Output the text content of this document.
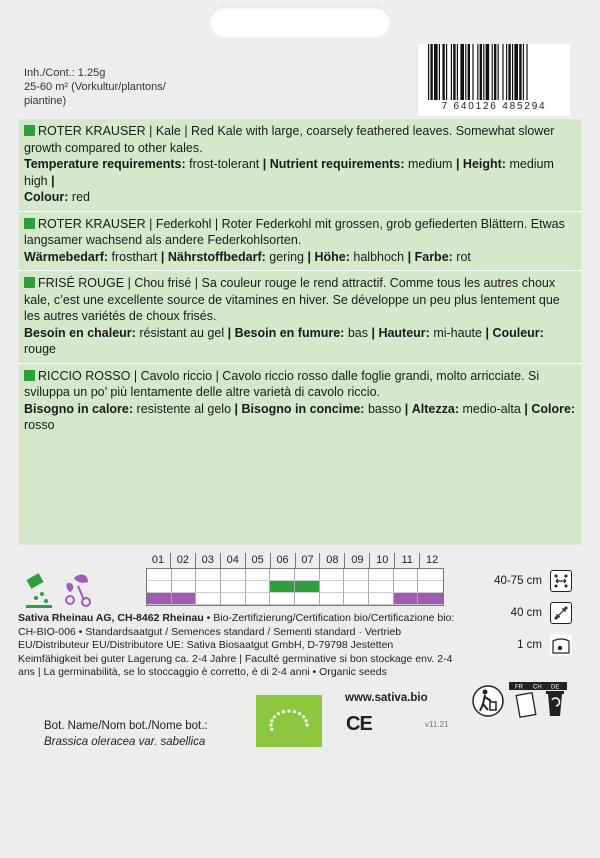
Inh./Cont.: 1.25g
25-60 m² (Vorkultur/plantons/
piantine)	7 640126 485294
ROTER KRAUSER | Kale | Red Kale with large, coarsely feathered leaves. Somewhat slower growth compared to other kales.
Temperature requirements: frost-tolerant | Nutrient requirements: medium | Height: medium high |
Colour: red
ROTER KRAUSER | Federkohl | Roter Federkohl mit grossen, grob gefiederten Blättern. Etwas langsamer wachsend als andere Federkohlsorten.
Wärmebedarf: frosthart | Nährstoffbedarf: gering | Höhe: halbhoch | Farbe: rot
FRISÉ ROUGE | Chou frisé | Sa couleur rouge le rend attractif. Comme tous les autres choux kale, c’est une excellente source de vitamines en hiver. Se développe un peu plus lentement que les autres variétés de choux frisés.
Besoin en chaleur: résistant au gel | Besoin en fumure: bas | Hauteur: mi-haute | Couleur: rouge
RICCIO ROSSO | Cavolo riccio | Cavolo riccio rosso dalle foglie grandi, molto arricciate. Si sviluppa un po’ più lentamente delle altre varietà di cavolo riccio.
Bisogno in calore: resistente al gelo | Bisogno in concime: basso | Altezza: medio-alta | Colore: rosso
01	02	03	04	05	06	07	08	09	10	11	12
40-75 cm
40 cm
1 cm
Sativa Rheinau AG, CH-8462 Rheinau • Bio-Zertifizierung/Certification bio/Certificazione bio: CH-BIO-006 • Standardsaatgut / Semences standard / Sementi standard · Vertrieb EU/Distributeur EU/Distributore UE: Sativa Biosaatgut GmbH, D-79798 Jestetten Keimfähigkeit bei guter Lagerung ca. 2-4 Jahre | Faculté germinative si bon stockage env. 2-4 ans | La germinabilità, se lo stoccaggio è corretto, è di 2-4 anni • Organic seeds
www.sativa.bio
FR CH DE
Bot. Name/Nom bot./Nome bot.:
Brassica oleracea var. sabellica
CE	v11.21
